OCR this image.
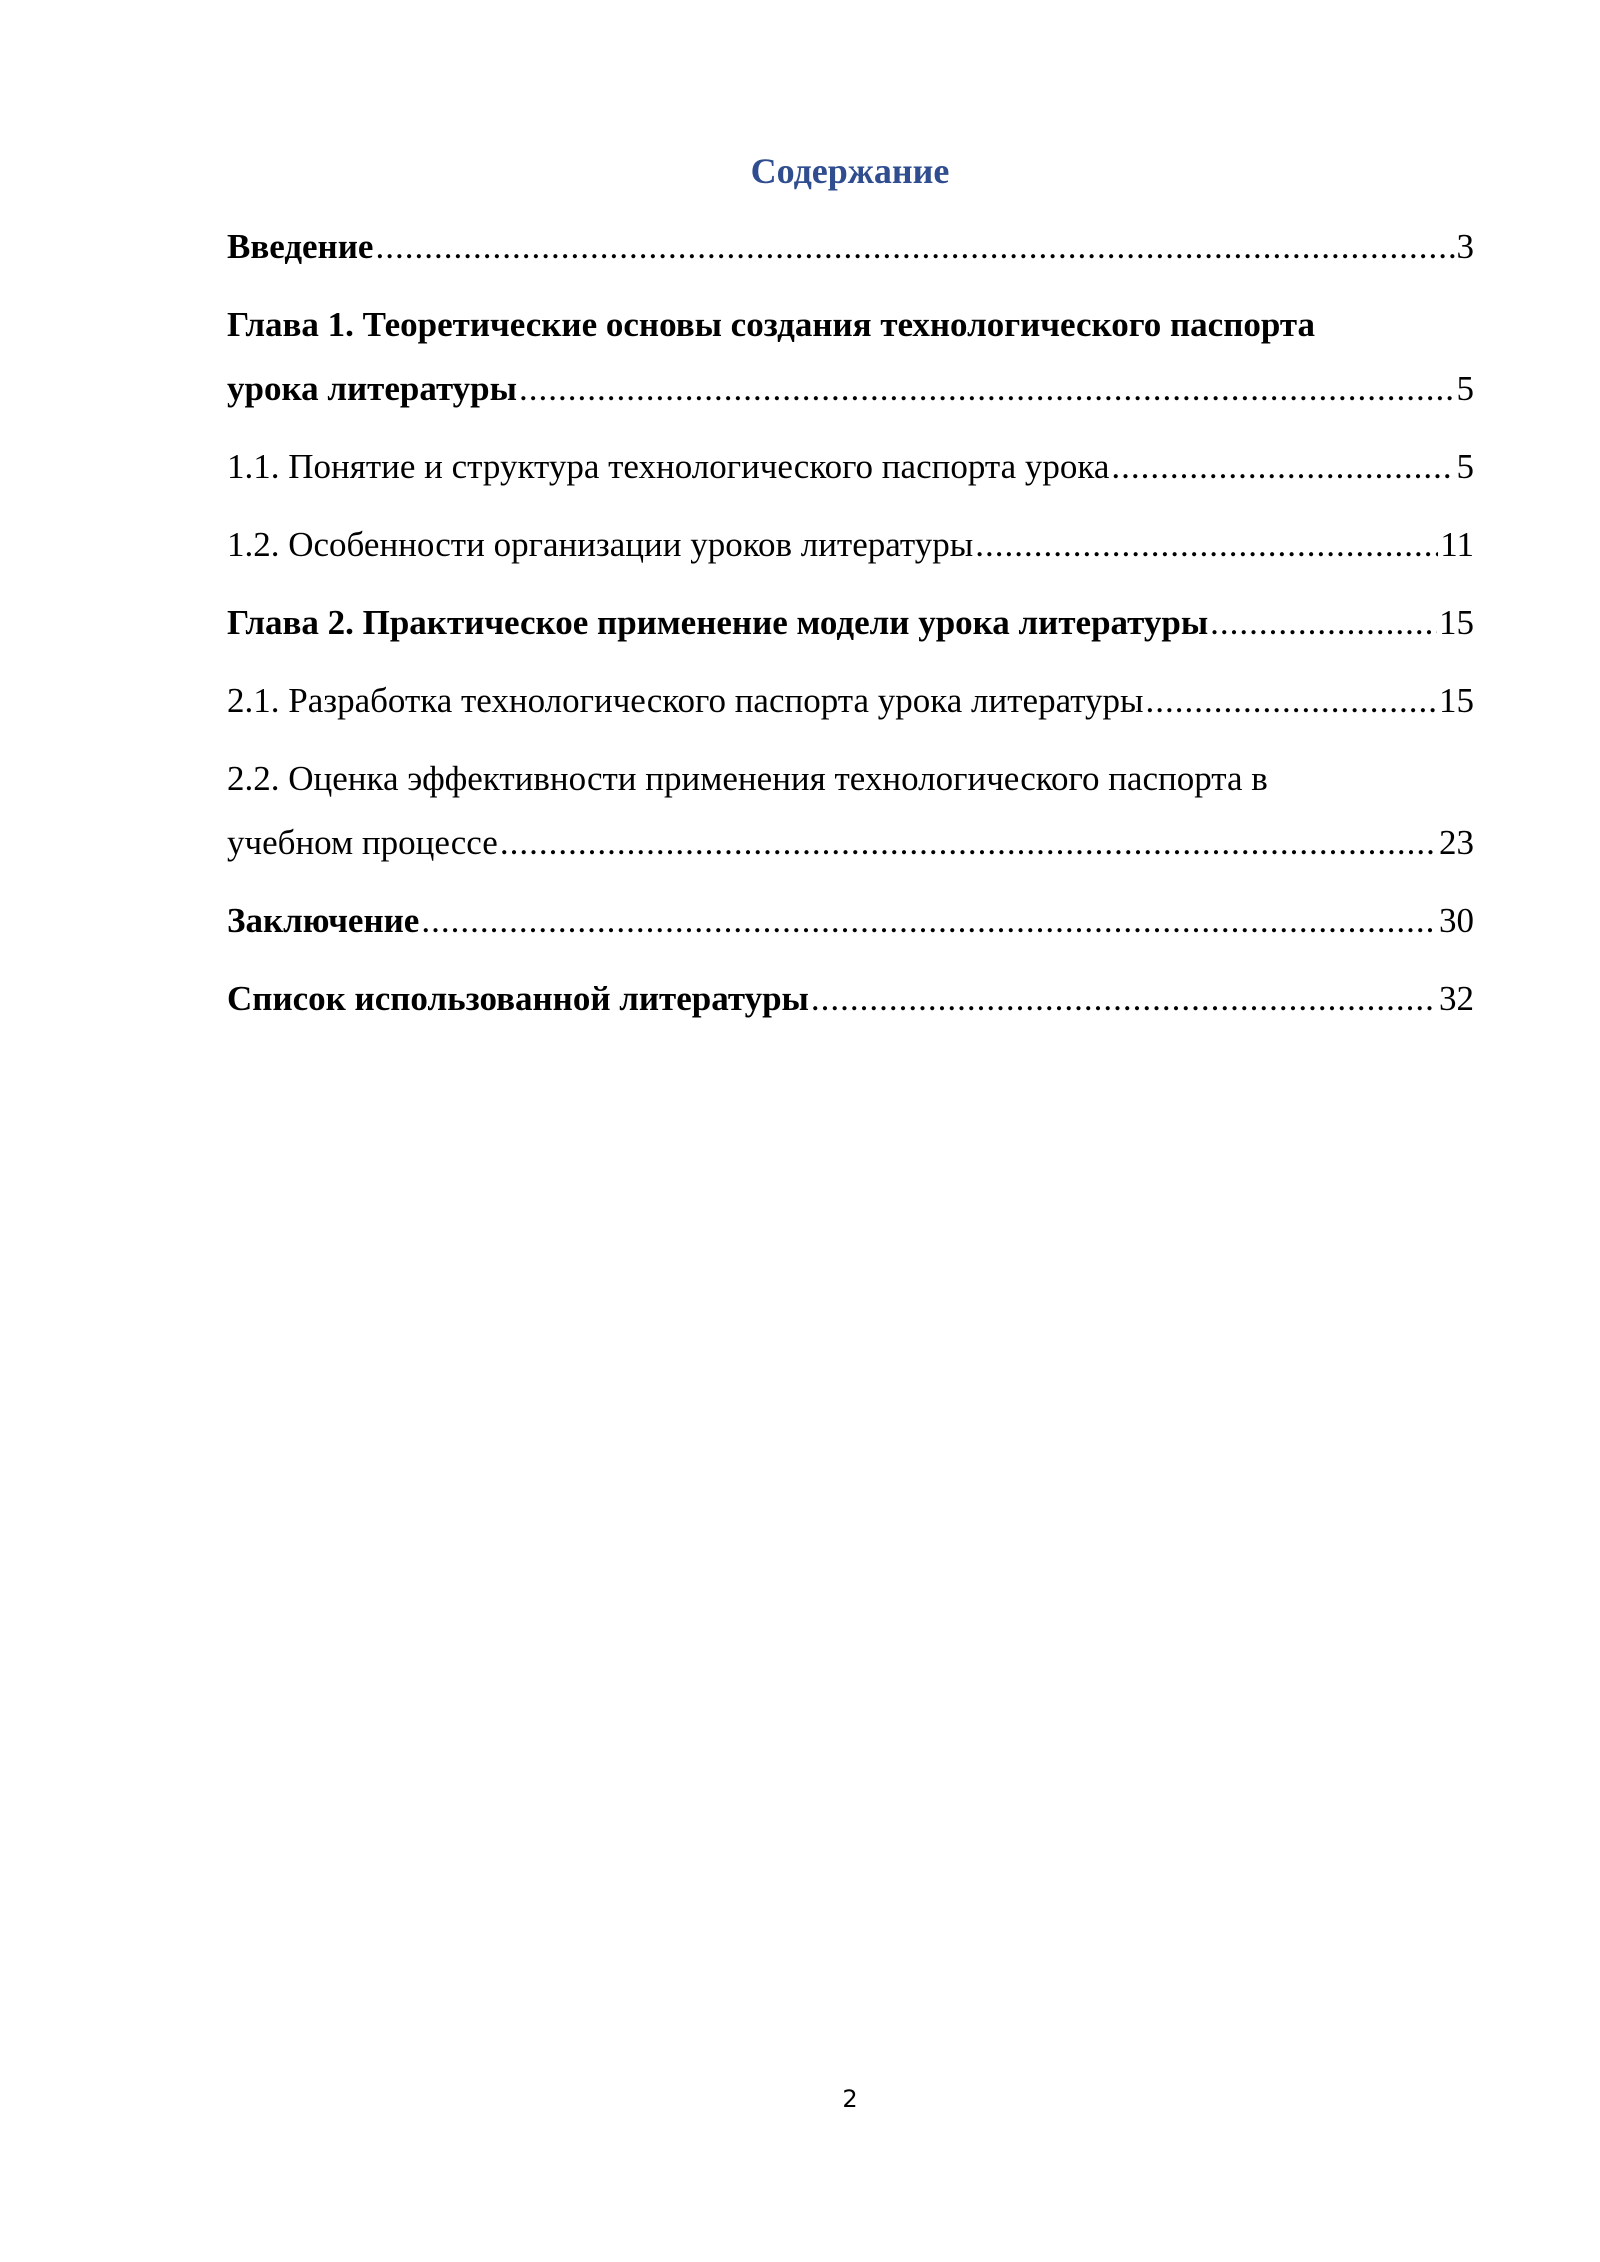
Содержание
Введение .....	3
Глава 1. Теоретические основы создания технологического паспорта
урока литературы .....	5
1.1. Понятие и структура технологического паспорта урока .....	5
1.2. Особенности организации уроков литературы .....	11
Глава 2. Практическое применение модели урока литературы .....	15
2.1. Разработка технологического паспорта урока литературы .....	15
2.2. Оценка эффективности применения технологического паспорта в
учебном процессе .....	23
Заключение .....	30
Список использованной литературы .....	32
2
